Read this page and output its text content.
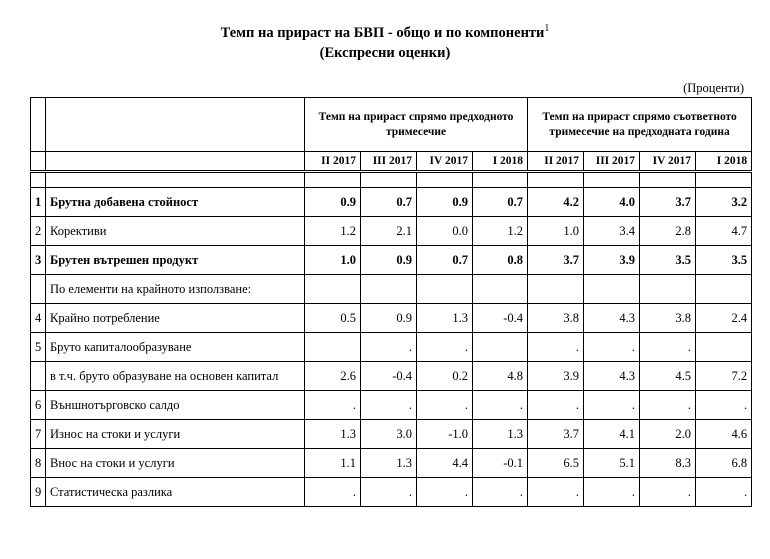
Темп на прираст на БВП - общо и по компоненти$^1$
(Експресни оценки)
(Проценти)
		Темп на прираст спрямо предходното тримесечие				Темп на прираст спрямо съответното тримесечие на предходната година			
		II 2017	III 2017	IV 2017	I 2018	II 2017	III 2017	IV 2017	I 2018

1	Брутна добавена стойност	0.9	0.7	0.9	0.7	4.2	4.0	3.7	3.2
2	Корективи	1.2	2.1	0.0	1.2	1.0	3.4	2.8	4.7
3	Брутен вътрешен продукт	1.0	0.9	0.7	0.8	3.7	3.9	3.5	3.5
	По елементи на крайното използване:								
4	Крайно потребление	0.5	0.9	1.3	-0.4	3.8	4.3	3.8	2.4
5	Бруто капиталообразуване		.	.		.	.	.	
	в т.ч. бруто образуване на основен капитал	2.6	-0.4	0.2	4.8	3.9	4.3	4.5	7.2
6	Външнотърговско салдо	.	.	.	.	.	.	.	.
7	Износ на стоки и услуги	1.3	3.0	-1.0	1.3	3.7	4.1	2.0	4.6
8	Внос на стоки и услуги	1.1	1.3	4.4	-0.1	6.5	5.1	8.3	6.8
9	Статистическа разлика	.	.	.	.	.	.	.	.
